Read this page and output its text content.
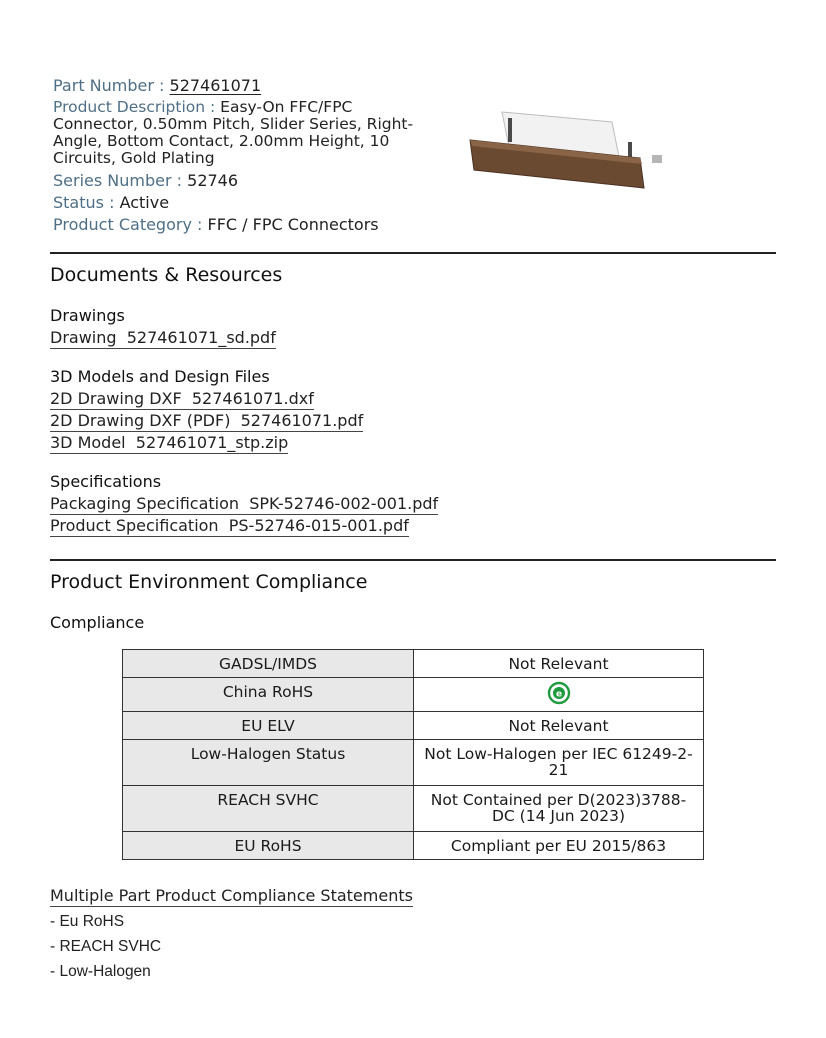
Part Number : 527461071
Product Description : Easy-On FFC/FPC Connector, 0.50mm Pitch, Slider Series, Right-Angle, Bottom Contact, 2.00mm Height, 10 Circuits, Gold Plating
Series Number : 52746
Status : Active
Product Category : FFC / FPC Connectors
Documents & Resources
Drawings
Drawing  527461071_sd.pdf
3D Models and Design Files
2D Drawing DXF  527461071.dxf
2D Drawing DXF (PDF)  527461071.pdf
3D Model  527461071_stp.zip
Specifications
Packaging Specification  SPK-52746-002-001.pdf
Product Specification  PS-52746-015-001.pdf
Product Environment Compliance
Compliance
GADSL/IMDS	Not Relevant
China RoHS	e

EU ELV	Not Relevant
Low-Halogen Status	Not Low-Halogen per IEC 61249-2-21
REACH SVHC	Not Contained per D(2023)3788-DC (14 Jun 2023)
EU RoHS	Compliant per EU 2015/863
Multiple Part Product Compliance Statements
- Eu RoHS
- REACH SVHC
- Low-Halogen
